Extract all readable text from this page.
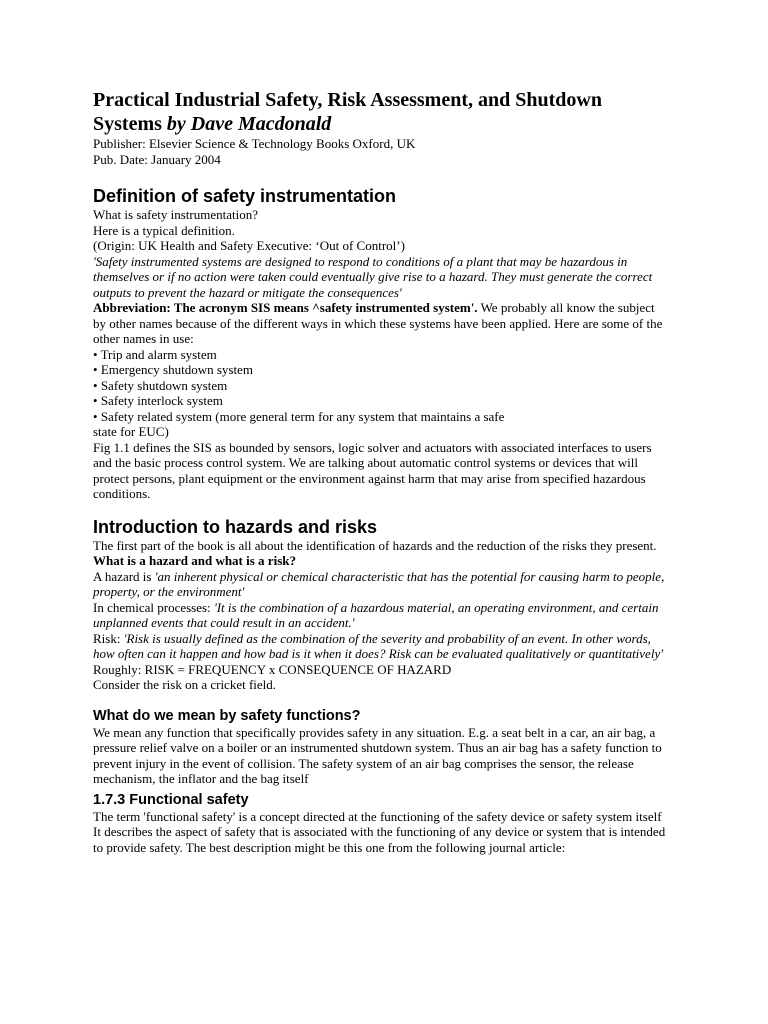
Practical Industrial Safety, Risk Assessment, and Shutdown Systems by Dave Macdonald

Publisher: Elsevier Science & Technology Books Oxford, UK

Pub. Date: January 2004

Definition of safety instrumentation

What is safety instrumentation?

Here is a typical definition.

(Origin: UK Health and Safety Executive: ‘Out of Control’)

'Safety instrumented systems are designed to respond to conditions of a plant that may be hazardous in themselves or if no action were taken could eventually give rise to a hazard. They must generate the correct outputs to prevent the hazard or mitigate the consequences'

Abbreviation: The acronym SIS means ^safety instrumented system'. We probably all know the subject by other names because of the different ways in which these systems have been applied. Here are some of the other names in use:

• Trip and alarm system
• Emergency shutdown system
• Safety shutdown system
• Safety interlock system
• Safety related system (more general term for any system that maintains a safe

state for EUC)

Fig 1.1 defines the SIS as bounded by sensors, logic solver and actuators with associated interfaces to users and the basic process control system. We are talking about automatic control systems or devices that will protect persons, plant equipment or the environment against harm that may arise from specified hazardous conditions.

Introduction to hazards and risks

The first part of the book is all about the identification of hazards and the reduction of the risks they present.

What is a hazard and what is a risk?

A hazard is 'an inherent physical or chemical characteristic that has the potential for causing harm to people, property, or the environment'

In chemical processes: 'It is the combination of a hazardous material, an operating environment, and certain unplanned events that could result in an accident.'

Risk: 'Risk is usually defined as the combination of the severity and probability of an event. In other words, how often can it happen and how bad is it when it does? Risk can be evaluated qualitatively or quantitatively'

Roughly: RISK = FREQUENCY x CONSEQUENCE OF HAZARD

Consider the risk on a cricket field.

What do we mean by safety functions?

We mean any function that specifically provides safety in any situation. E.g. a seat belt in a car, an air bag, a pressure relief valve on a boiler or an instrumented shutdown system. Thus an air bag has a safety function to prevent injury in the event of collision. The safety system of an air bag comprises the sensor, the release mechanism, the inflator and the bag itself

1.7.3 Functional safety

The term 'functional safety' is a concept directed at the functioning of the safety device or safety system itself It describes the aspect of safety that is associated with the functioning of any device or system that is intended to provide safety. The best description might be this one from the following journal article:
